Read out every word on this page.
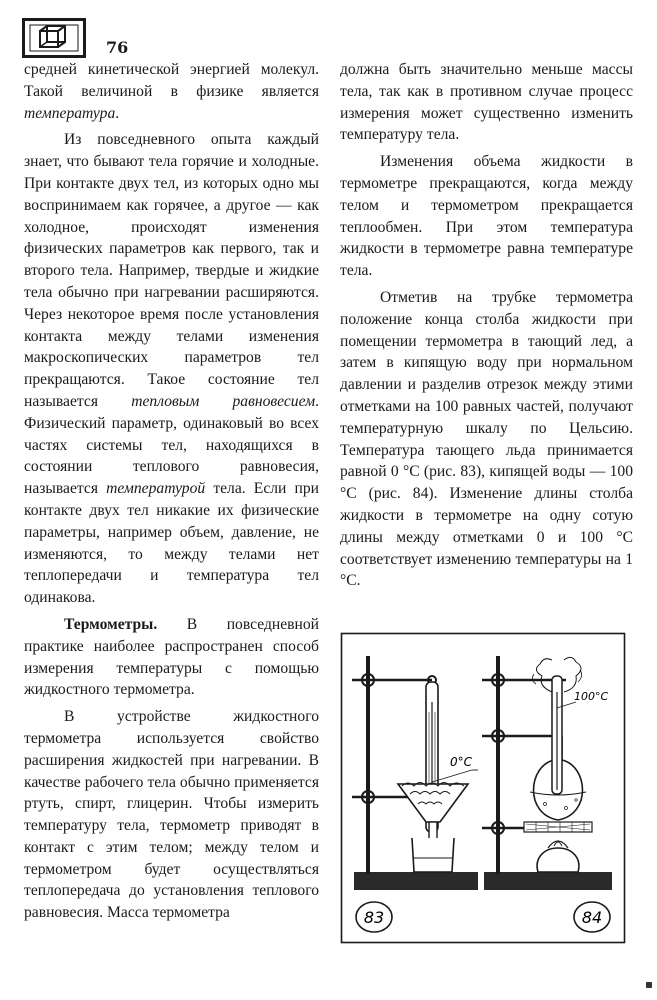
76

средней кинетической энергией молекул. Такой величиной в физике является температура.

Из повседневного опыта каждый знает, что бывают тела горячие и холодные. При контакте двух тел, из которых одно мы воспринимаем как горячее, а другое — как холодное, происходят изменения физических параметров как первого, так и второго тела. Например, твердые и жидкие тела обычно при нагревании расширяются. Через некоторое время после установления контакта между телами изменения макроскопических параметров тел прекращаются. Такое состояние тел называется тепловым равновесием. Физический параметр, одинаковый во всех частях системы тел, находящихся в состоянии теплового равновесия, называется температурой тела. Если при контакте двух тел никакие их физические параметры, например объем, давление, не изменяются, то между телами нет теплопередачи и температура тел одинакова.

Термометры. В повседневной практике наиболее распространен способ измерения температуры с помощью жидкостного термометра.

В устройстве жидкостного термометра используется свойство расширения жидкостей при нагревании. В качестве рабочего тела обычно применяется ртуть, спирт, глицерин. Чтобы измерить температуру тела, термометр приводят в контакт с этим телом; между телом и термометром будет осуществляться теплопередача до установления теплового равновесия. Масса термометра

должна быть значительно меньше массы тела, так как в противном случае процесс измерения может существенно изменить температуру тела.

Изменения объема жидкости в термометре прекращаются, когда между телом и термометром прекращается теплообмен. При этом температура жидкости в термометре равна температуре тела.

Отметив на трубке термометра положение конца столба жидкости при помещении термометра в тающий лед, а затем в кипящую воду при нормальном давлении и разделив отрезок между этими отметками на 100 равных частей, получают температурную шкалу по Цельсию. Температура тающего льда принимается равной 0 °С (рис. 83), кипящей воды — 100 °С (рис. 84). Изменение длины столба жидкости в термометре на одну сотую длины между отметками 0 и 100 °С соответствует изменению температуры на 1 °С.

0°C
83
100°C
84
